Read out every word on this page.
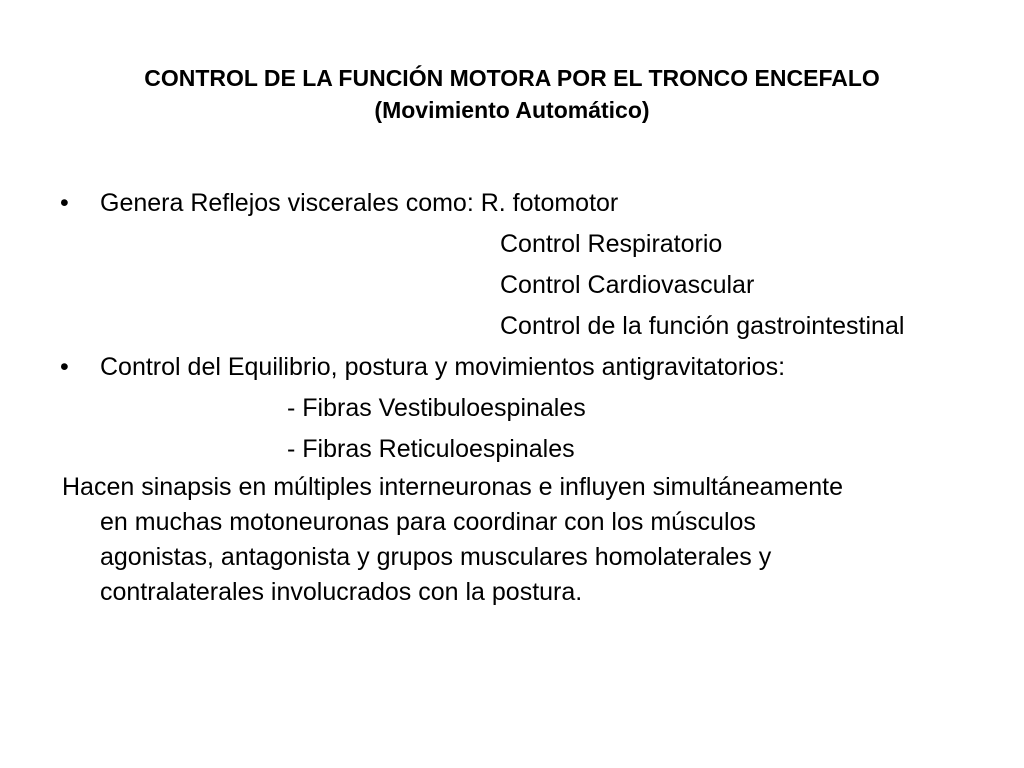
CONTROL DE LA FUNCIÓN MOTORA POR EL TRONCO ENCEFALO
(Movimiento Automático)
• Genera Reflejos viscerales como: R. fotomotor
Control Respiratorio
Control Cardiovascular
Control de la función gastrointestinal
• Control del Equilibrio, postura y movimientos antigravitatorios:
- Fibras Vestibuloespinales
- Fibras Reticuloespinales
Hacen sinapsis en múltiples interneuronas e influyen simultáneamente
en muchas motoneuronas para coordinar con los músculos
agonistas, antagonista y grupos musculares homolaterales y
contralaterales involucrados con la postura.
